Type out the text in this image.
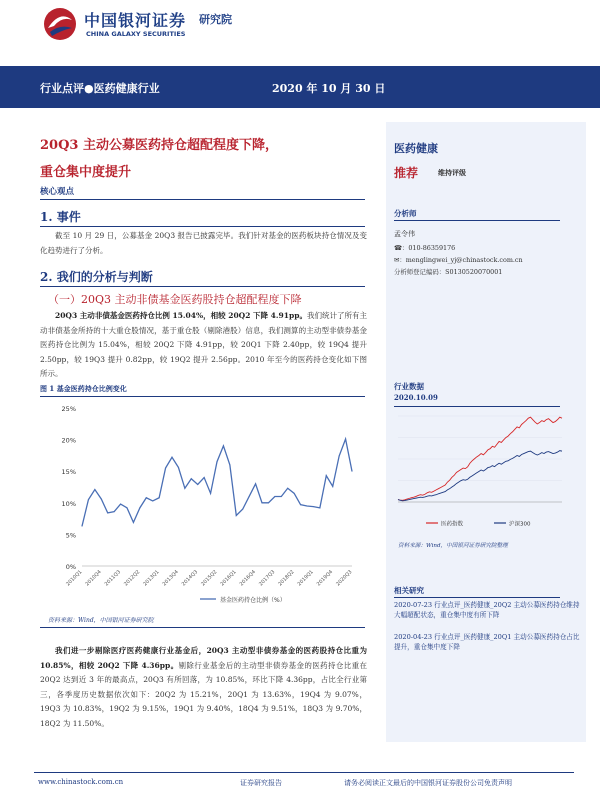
中国银河证券
CHINA GALAXY SECURITIES
研究院
行业点评●医药健康行业	2020 年 10 月 30 日
20Q3 主动公募医药持仓超配程度下降，
重仓集中度提升
核心观点
1. 事件
截至 10 月 29 日，公募基金 20Q3 报告已披露完毕。我们针对基金的医药板块持仓情况及变化趋势进行了分析。
2. 我们的分析与判断
（一）20Q3 主动非债基金医药股持仓超配程度下降
20Q3 主动非债基金医药持仓比例 15.04%，相较 20Q2 下降 4.91pp。我们统计了所有主动非债基金所持的十大重仓股情况，基于重仓股（剔除港股）信息，我们测算的主动型非债券基金医药持仓比例为 15.04%，相较 20Q2 下降 4.91pp，较 20Q1 下降 2.40pp，较 19Q4 提升 2.50pp，较 19Q3 提升 0.82pp，较 19Q2 提升 2.56pp。2010 年至今的医药持仓变化如下图所示。
图 1 基金医药持仓比例变化
0%
5%
10%
15%
20%
25%
2010Q1 2010Q4 2011Q3 2012Q2 2013Q1 2013Q4 2014Q3 2015Q2 2016Q1 2016Q4 2017Q3 2018Q2 2019Q1 2019Q4 2020Q3
基金医药持仓比例（%）
资料来源：Wind，中国银河证券研究院
我们进一步剔除医疗医药健康行业基金后，20Q3 主动型非债券基金的医药股持仓比重为 10.85%，相较 20Q2 下降 4.36pp。剔除行业基金后的主动型非债券基金的医药持仓比重在 20Q2 达到近 3 年的最高点，20Q3 有所回落，为 10.85%，环比下降 4.36pp，占比全行业第三，各季度历史数据依次如下：20Q2 为 15.21%，20Q1 为 13.63%，19Q4 为 9.07%，19Q3 为 10.83%，19Q2 为 9.15%，19Q1 为 9.40%，18Q4 为 9.51%，18Q3 为 9.70%，18Q2 为 11.50%。
医药健康
推荐	维持评级
分析师
孟令伟
☎：010-86359176
✉：menglingwei_yj@chinastock.com.cn
分析师登记编码：S0130520070001
行业数据
2020.10.09
医药指数	沪深300
资料来源：Wind，中国银河证券研究院整理
相关研究
2020-07-23 行业点评_医药健康_20Q2 主动公募医药持仓维持大幅超配状态，重仓集中度有所下降
2020-04-23 行业点评_医药健康_20Q1 主动公募医药持仓占比提升，重仓集中度下降
www.chinastock.com.cn	证券研究报告	请务必阅读正文最后的中国银河证券股份公司免责声明
